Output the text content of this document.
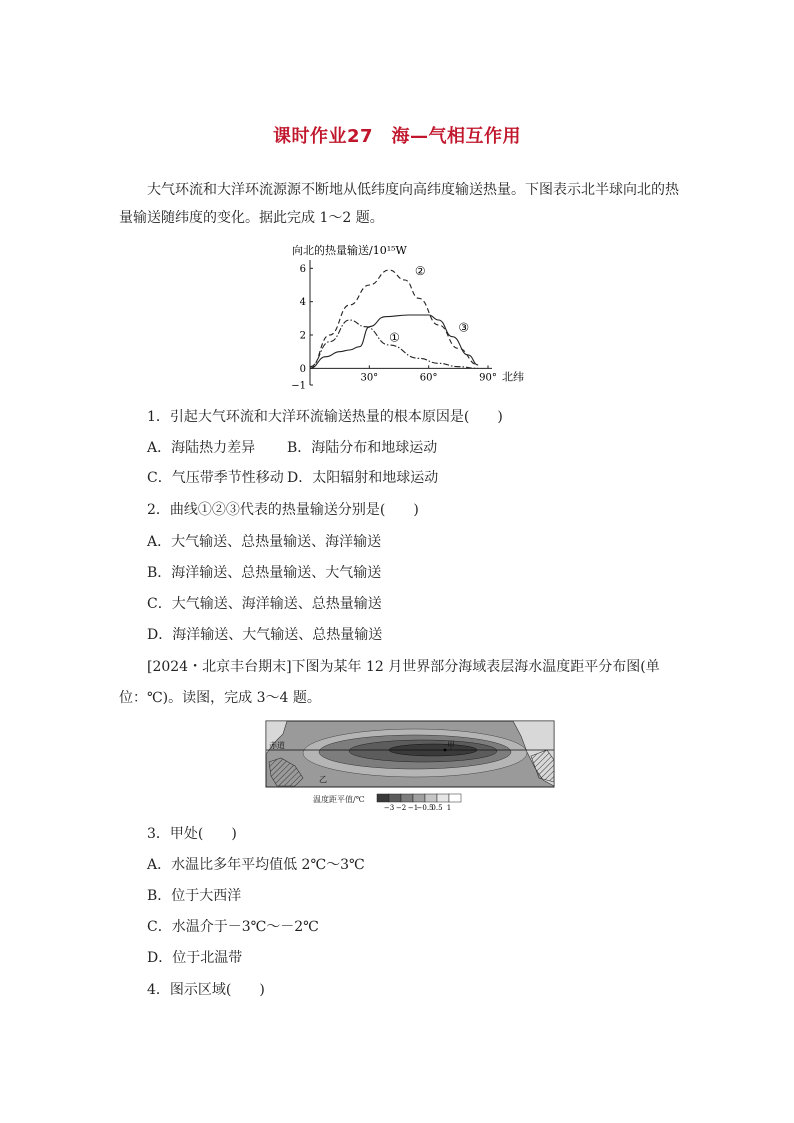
课时作业27　海—气相互作用

大气环流和大洋环流源源不断地从低纬度向高纬度输送热量。下图表示北半球向北的热

量输送随纬度的变化。据此完成 1～2 题。

向北的热量输送/10¹⁵W
6
4
2
0
−1
30°	60°	90° 北纬
①
②
③

1．引起大气环流和大洋环流输送热量的根本原因是(　　)

A．海陆热力差异 B．海陆分布和地球运动

C．气压带季节性移动 D．太阳辐射和地球运动

2．曲线①②③代表的热量输送分别是(　　)

A．大气输送、总热量输送、海洋输送

B．海洋输送、总热量输送、大气输送

C．大气输送、海洋输送、总热量输送

D．海洋输送、大气输送、总热量输送

[2024・北京丰台期末]下图为某年 12 月世界部分海域表层海水温度距平分布图(单

位：℃)。读图，完成 3～4 题。

赤道	甲
乙
温度距平值/℃
−3 −2 −1
−0.5
0.5 1

3．甲处(　　)

A．水温比多年平均值低 2℃～3℃

B．位于大西洋

C．水温介于－3℃～－2℃

D．位于北温带

4．图示区域(　　)
